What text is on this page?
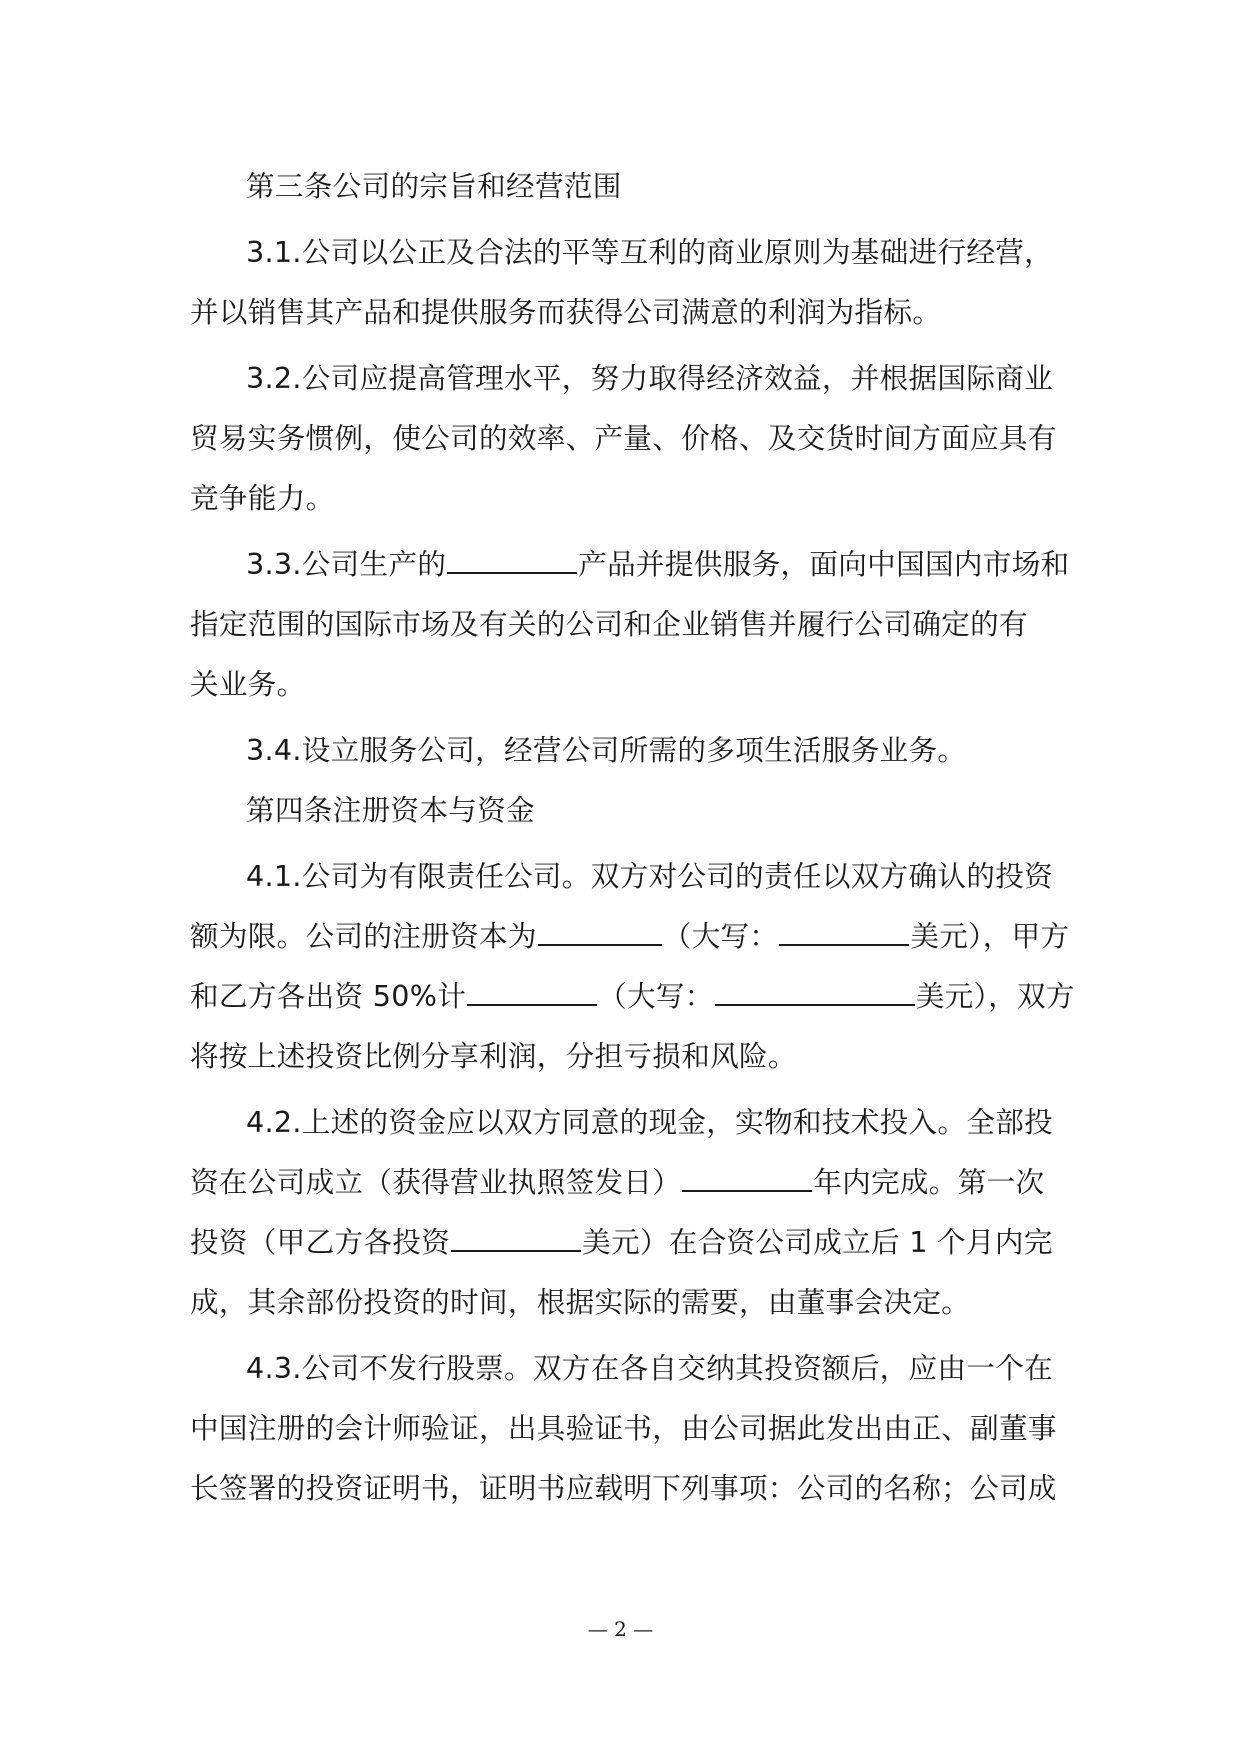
第三条公司的宗旨和经营范围
3.1.公司以公正及合法的平等互利的商业原则为基础进行经营，
并以销售其产品和提供服务而获得公司满意的利润为指标。
3.2.公司应提高管理水平，努力取得经济效益，并根据国际商业
贸易实务惯例，使公司的效率、产量、价格、及交货时间方面应具有
竞争能力。
3.3.公司生产的	产品并提供服务，面向中国国内市场和
指定范围的国际市场及有关的公司和企业销售并履行公司确定的有
关业务。
3.4.设立服务公司，经营公司所需的多项生活服务业务。
第四条注册资本与资金
4.1.公司为有限责任公司。双方对公司的责任以双方确认的投资
额为限。公司的注册资本为	（大写：	美元），甲方
和乙方各出资 50%计	（大写：	美元），双方
将按上述投资比例分享利润，分担亏损和风险。
4.2.上述的资金应以双方同意的现金，实物和技术投入。全部投
资在公司成立（获得营业执照签发日）	年内完成。第一次
投资（甲乙方各投资	美元）在合资公司成立后 1 个月内完
成，其余部份投资的时间，根据实际的需要，由董事会决定。
4.3.公司不发行股票。双方在各自交纳其投资额后，应由一个在
中国注册的会计师验证，出具验证书，由公司据此发出由正、副董事
长签署的投资证明书，证明书应载明下列事项：公司的名称；公司成
— 2 —
